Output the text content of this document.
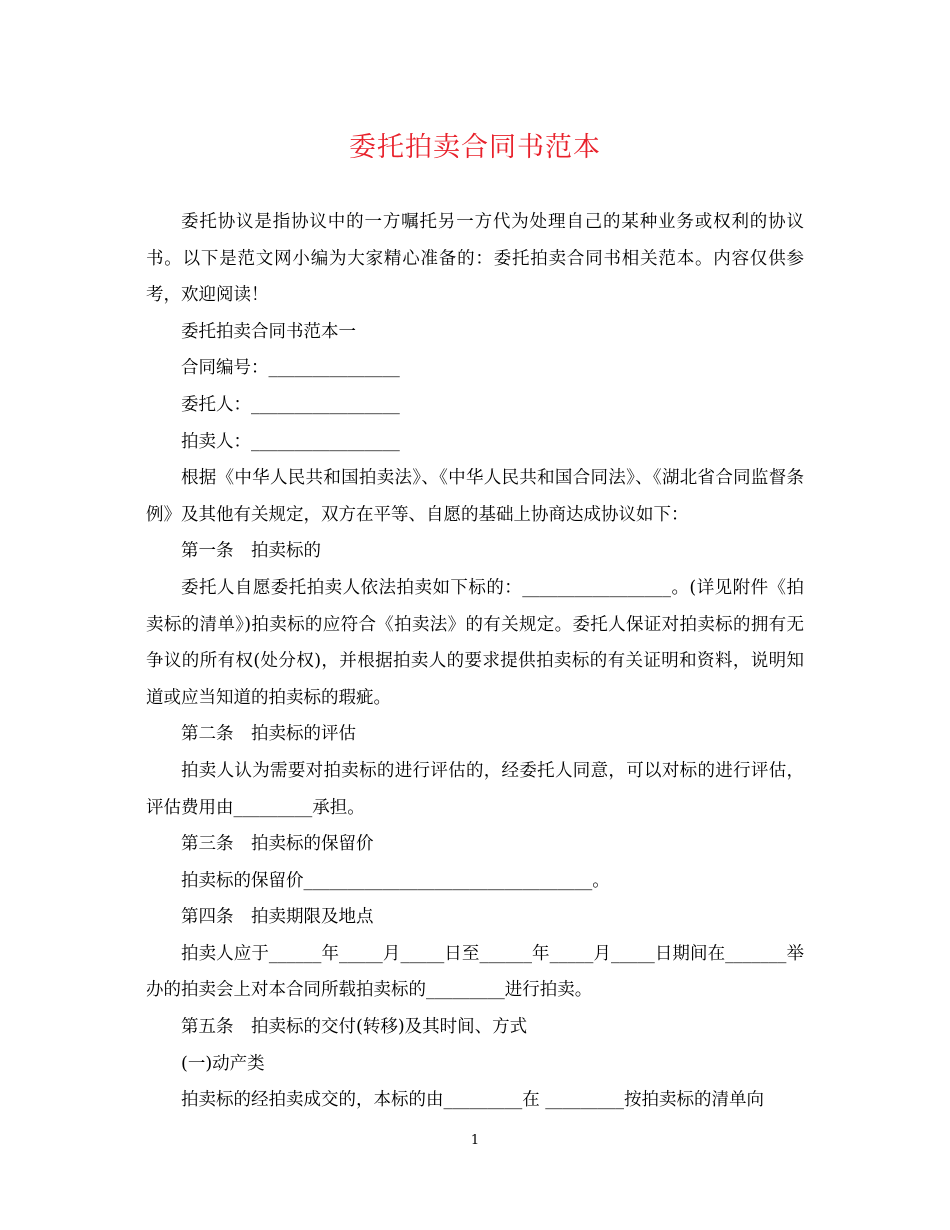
委托拍卖合同书范本

委托协议是指协议中的一方嘱托另一方代为处理自己的某种业务或权利的协议书。以下是范文网小编为大家精心准备的：委托拍卖合同书相关范本。内容仅供参考，欢迎阅读！

委托拍卖合同书范本一

合同编号：_______________

委托人：_________________

拍卖人：_________________

根据《中华人民共和国拍卖法》、《中华人民共和国合同法》、《湖北省合同监督条例》及其他有关规定，双方在平等、自愿的基础上协商达成协议如下：

第一条　拍卖标的

委托人自愿委托拍卖人依法拍卖如下标的：_________________。(详见附件《拍卖标的清单》)拍卖标的应符合《拍卖法》的有关规定。委托人保证对拍卖标的拥有无争议的所有权(处分权)，并根据拍卖人的要求提供拍卖标的有关证明和资料，说明知道或应当知道的拍卖标的瑕疵。

第二条　拍卖标的评估

拍卖人认为需要对拍卖标的进行评估的，经委托人同意，可以对标的进行评估，评估费用由_________承担。

第三条　拍卖标的保留价

拍卖标的保留价_________________________________。

第四条　拍卖期限及地点

拍卖人应于______年_____月_____日至______年_____月_____日期间在_______举办的拍卖会上对本合同所载拍卖标的_________进行拍卖。

第五条　拍卖标的交付(转移)及其时间、方式

(一)动产类

拍卖标的经拍卖成交的，本标的由_________在 _________按拍卖标的清单向

1
